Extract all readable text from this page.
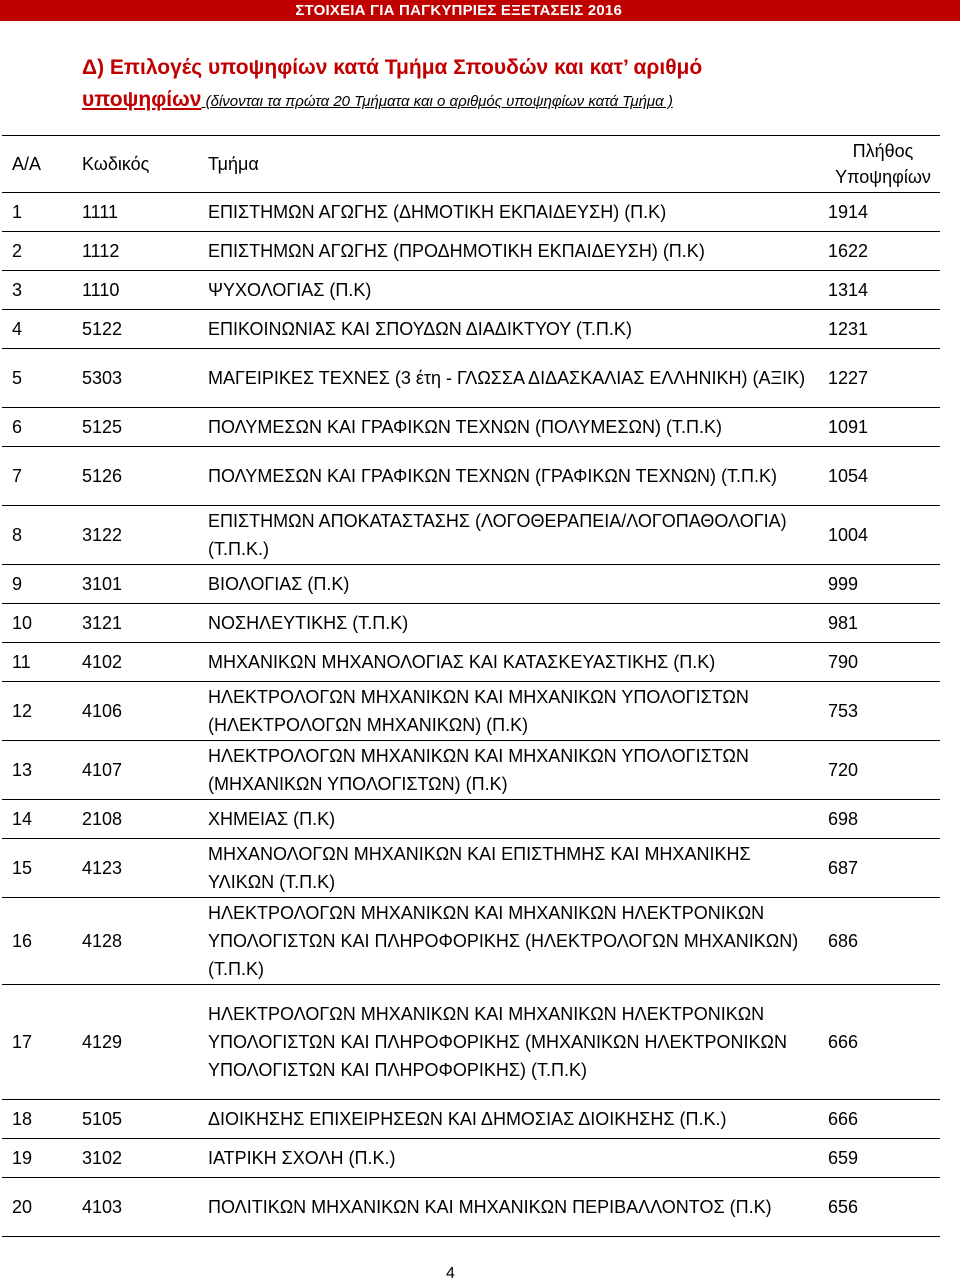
ΣΤΟΙΧΕΙΑ ΓΙΑ ΠΑΓΚΥΠΡΙΕΣ ΕΞΕΤΑΣΕΙΣ 2016
Δ) Επιλογές υποψηφίων κατά Τμήμα Σπουδών και κατ’ αριθμό
υποψηφίων (δίνονται τα πρώτα 20 Τμήματα και ο αριθμός υποψηφίων κατά Τμήμα )
Α/Α	Κωδικός	Τμήμα	Πλήθος
Υποψηφίων

1	1111	ΕΠΙΣΤΗΜΩΝ ΑΓΩΓΗΣ (ΔΗΜΟΤΙΚΗ ΕΚΠΑΙΔΕΥΣΗ) (Π.Κ)	1914
2	1112	ΕΠΙΣΤΗΜΩΝ ΑΓΩΓΗΣ (ΠΡΟΔΗΜΟΤΙΚΗ ΕΚΠΑΙΔΕΥΣΗ) (Π.Κ)	1622
3	1110	ΨΥΧΟΛΟΓΙΑΣ (Π.Κ)	1314
4	5122	ΕΠΙΚΟΙΝΩΝΙΑΣ ΚΑΙ ΣΠΟΥΔΩΝ ΔΙΑΔΙΚΤΥΟΥ (Τ.Π.Κ)	1231
5	5303	ΜΑΓΕΙΡΙΚΕΣ ΤΕΧΝΕΣ (3 έτη - ΓΛΩΣΣΑ ΔΙΔΑΣΚΑΛΙΑΣ ΕΛΛΗΝΙΚΗ) (ΑΞΙΚ)	1227
6	5125	ΠΟΛΥΜΕΣΩΝ ΚΑΙ ΓΡΑΦΙΚΩΝ ΤΕΧΝΩΝ (ΠΟΛΥΜΕΣΩΝ) (Τ.Π.Κ)	1091
7	5126	ΠΟΛΥΜΕΣΩΝ ΚΑΙ ΓΡΑΦΙΚΩΝ ΤΕΧΝΩΝ (ΓΡΑΦΙΚΩΝ ΤΕΧΝΩΝ) (Τ.Π.Κ)	1054
8	3122	ΕΠΙΣΤΗΜΩΝ ΑΠΟΚΑΤΑΣΤΑΣΗΣ (ΛΟΓΟΘΕΡΑΠΕΙΑ/ΛΟΓΟΠΑΘΟΛΟΓΙΑ) (Τ.Π.Κ.)	1004
9	3101	ΒΙΟΛΟΓΙΑΣ (Π.Κ)	999
10	3121	ΝΟΣΗΛΕΥΤΙΚΗΣ (Τ.Π.Κ)	981
11	4102	ΜΗΧΑΝΙΚΩΝ ΜΗΧΑΝΟΛΟΓΙΑΣ ΚΑΙ ΚΑΤΑΣΚΕΥΑΣΤΙΚΗΣ (Π.Κ)	790
12	4106	ΗΛΕΚΤΡΟΛΟΓΩΝ ΜΗΧΑΝΙΚΩΝ ΚΑΙ ΜΗΧΑΝΙΚΩΝ ΥΠΟΛΟΓΙΣΤΩΝ (ΗΛΕΚΤΡΟΛΟΓΩΝ ΜΗΧΑΝΙΚΩΝ) (Π.Κ)	753
13	4107	ΗΛΕΚΤΡΟΛΟΓΩΝ ΜΗΧΑΝΙΚΩΝ ΚΑΙ ΜΗΧΑΝΙΚΩΝ ΥΠΟΛΟΓΙΣΤΩΝ (ΜΗΧΑΝΙΚΩΝ ΥΠΟΛΟΓΙΣΤΩΝ) (Π.Κ)	720
14	2108	ΧΗΜΕΙΑΣ (Π.Κ)	698
15	4123	ΜΗΧΑΝΟΛΟΓΩΝ ΜΗΧΑΝΙΚΩΝ ΚΑΙ ΕΠΙΣΤΗΜΗΣ ΚΑΙ ΜΗΧΑΝΙΚΗΣ ΥΛΙΚΩΝ (Τ.Π.Κ)	687
16	4128	ΗΛΕΚΤΡΟΛΟΓΩΝ ΜΗΧΑΝΙΚΩΝ ΚΑΙ ΜΗΧΑΝΙΚΩΝ ΗΛΕΚΤΡΟΝΙΚΩΝ ΥΠΟΛΟΓΙΣΤΩΝ ΚΑΙ ΠΛΗΡΟΦΟΡΙΚΗΣ (ΗΛΕΚΤΡΟΛΟΓΩΝ ΜΗΧΑΝΙΚΩΝ) (Τ.Π.Κ)	686
17	4129	ΗΛΕΚΤΡΟΛΟΓΩΝ ΜΗΧΑΝΙΚΩΝ ΚΑΙ ΜΗΧΑΝΙΚΩΝ ΗΛΕΚΤΡΟΝΙΚΩΝ ΥΠΟΛΟΓΙΣΤΩΝ ΚΑΙ ΠΛΗΡΟΦΟΡΙΚΗΣ (ΜΗΧΑΝΙΚΩΝ ΗΛΕΚΤΡΟΝΙΚΩΝ ΥΠΟΛΟΓΙΣΤΩΝ ΚΑΙ ΠΛΗΡΟΦΟΡΙΚΗΣ) (Τ.Π.Κ)	666
18	5105	ΔΙΟΙΚΗΣΗΣ ΕΠΙΧΕΙΡΗΣΕΩΝ ΚΑΙ ΔΗΜΟΣΙΑΣ ΔΙΟΙΚΗΣΗΣ (Π.Κ.)	666
19	3102	ΙΑΤΡΙΚΗ ΣΧΟΛΗ (Π.Κ.)	659
20	4103	ΠΟΛΙΤΙΚΩΝ ΜΗΧΑΝΙΚΩΝ ΚΑΙ ΜΗΧΑΝΙΚΩΝ ΠΕΡΙΒΑΛΛΟΝΤΟΣ (Π.Κ)	656
4
